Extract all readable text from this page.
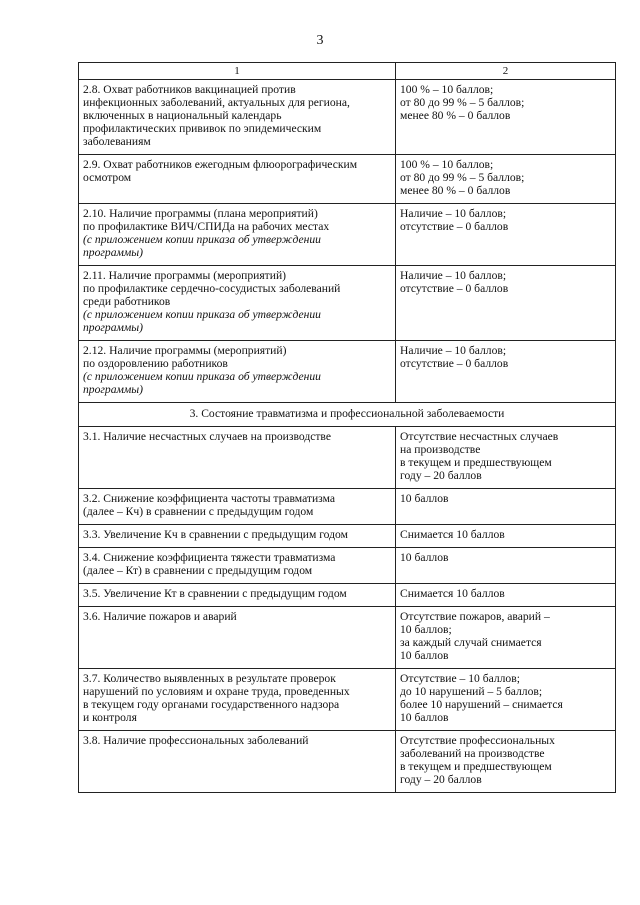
3
1	2

2.8. Охват работников вакцинацией против
инфекционных заболеваний, актуальных для региона,
включенных в национальный календарь
профилактических прививок по эпидемическим
заболеваниям	100 % – 10 баллов;
от 80 до 99 % – 5 баллов;
менее 80 % – 0 баллов

2.9. Охват работников ежегодным флюорографическим
осмотром	100 % – 10 баллов;
от 80 до 99 % – 5 баллов;
менее 80 % – 0 баллов

2.10. Наличие программы (плана мероприятий)
по профилактике ВИЧ/СПИДа на рабочих местах
(с приложением копии приказа об утверждении
программы)	Наличие – 10 баллов;
отсутствие – 0 баллов

2.11. Наличие программы (мероприятий)
по профилактике сердечно-сосудистых заболеваний
среди работников
(с приложением копии приказа об утверждении
программы)	Наличие – 10 баллов;
отсутствие – 0 баллов

2.12. Наличие программы (мероприятий)
по оздоровлению работников
(с приложением копии приказа об утверждении
программы)	Наличие – 10 баллов;
отсутствие – 0 баллов

3. Состояние травматизма и профессиональной заболеваемости	

3.1. Наличие несчастных случаев на производстве	Отсутствие несчастных случаев
на производстве
в текущем и предшествующем
году – 20 баллов

3.2. Снижение коэффициента частоты травматизма
(далее – Кч) в сравнении с предыдущим годом	10 баллов

3.3. Увеличение Кч в сравнении с предыдущим годом	Снимается 10 баллов

3.4. Снижение коэффициента тяжести травматизма
(далее – Кт) в сравнении с предыдущим годом	10 баллов

3.5. Увеличение Кт в сравнении с предыдущим годом	Снимается 10 баллов

3.6. Наличие пожаров и аварий	Отсутствие пожаров, аварий –
10 баллов;
за каждый случай снимается
10 баллов

3.7. Количество выявленных в результате проверок
нарушений по условиям и охране труда, проведенных
в текущем году органами государственного надзора
и контроля	Отсутствие – 10 баллов;
до 10 нарушений – 5 баллов;
более 10 нарушений – снимается
10 баллов

3.8. Наличие профессиональных заболеваний	Отсутствие профессиональных
заболеваний на производстве
в текущем и предшествующем
году – 20 баллов
